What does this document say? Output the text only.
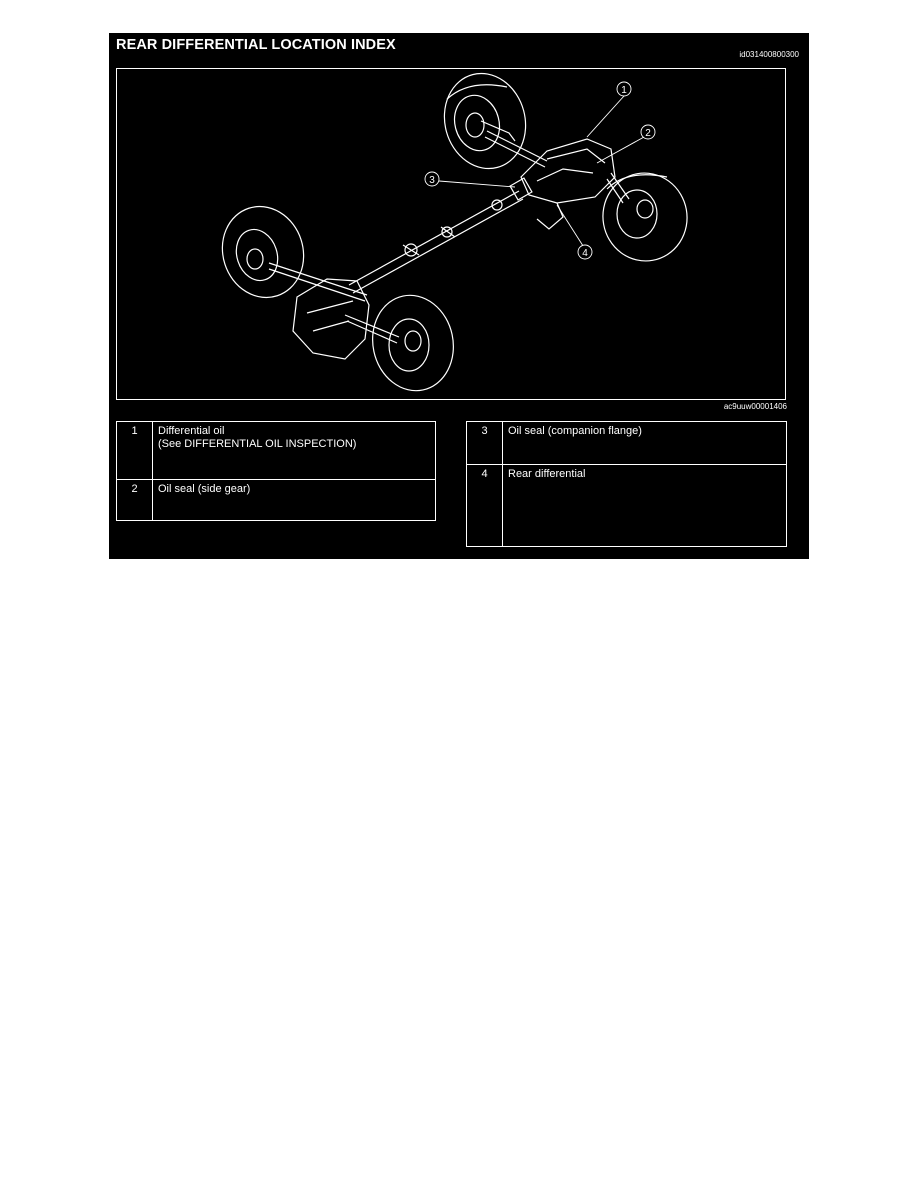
REAR DIFFERENTIAL LOCATION INDEX
id031400800300
1
2
3
4
ac9uuw00001406
1	Differential oil
(See DIFFERENTIAL OIL INSPECTION)
2	Oil seal (side gear)
3	Oil seal (companion flange)
4	Rear differential
